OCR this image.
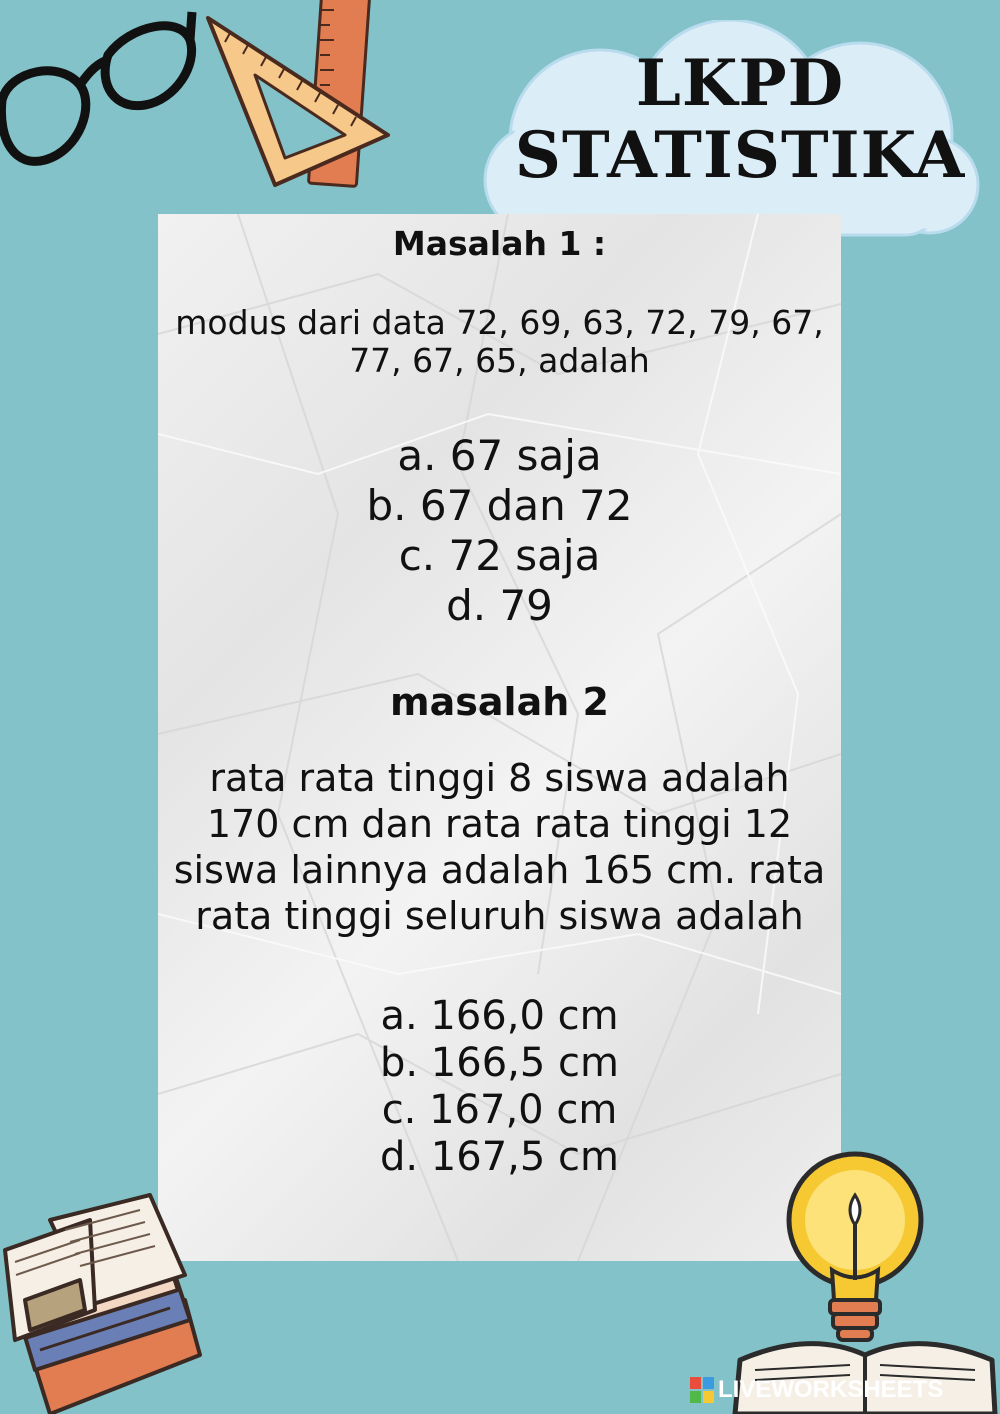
LKPD
STATISTIKA
Masalah 1 :
modus dari data 72, 69, 63, 72, 79, 67,
77, 67, 65, adalah
a. 67 saja
b. 67 dan 72
c. 72 saja
d. 79
masalah 2
rata rata tinggi 8 siswa adalah
170 cm dan rata rata tinggi 12
siswa lainnya adalah 165 cm. rata
rata tinggi seluruh siswa adalah
a. 166,0 cm
b. 166,5 cm
c. 167,0 cm
d. 167,5 cm
LIVEWORKSHEETS
